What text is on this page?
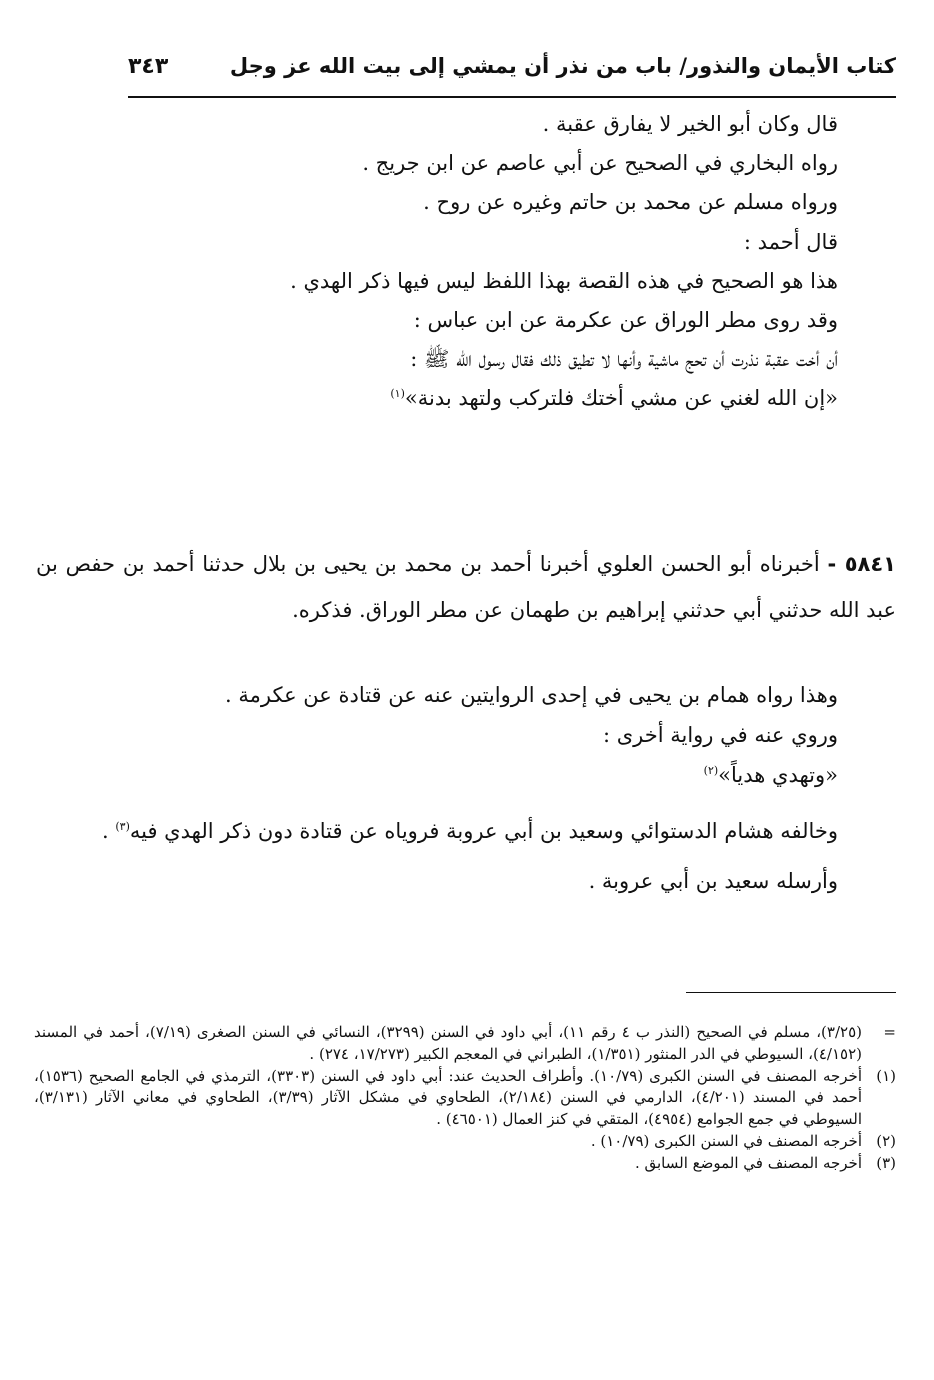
كتاب الأيمان والنذور/ باب من نذر أن يمشي إلى بيت الله عز وجل
٣٤٣

قال وكان أبو الخير لا يفارق عقبة .

رواه البخاري في الصحيح عن أبي عاصم عن ابن جريج .

ورواه مسلم عن محمد بن حاتم وغيره عن روح .

قال أحمد :

هذا هو الصحيح في هذه القصة بهذا اللفظ ليس فيها ذكر الهدي .

وقد روى مطر الوراق عن عكرمة عن ابن عباس :

أن أخت عقبة نذرت أن تحج ماشية وأنها لا تطيق ذلك فقال رسول الله ﷺ :

«إن الله لغني عن مشي أختك فلتركب ولتهد بدنة»$^{(١)}$

٥٨٤١ - أخبرناه أبو الحسن العلوي أخبرنا أحمد بن محمد بن يحيى بن بلال حدثنا أحمد بن حفص بن عبد الله حدثني أبي حدثني إبراهيم بن طهمان عن مطر الوراق. فذكره.

وهذا رواه همام بن يحيى في إحدى الروايتين عنه عن قتادة عن عكرمة .

وروي عنه في رواية أخرى :

«وتهدي هدياً»$^{(٢)}$

وخالفه هشام الدستوائي وسعيد بن أبي عروبة فروياه عن قتادة دون ذكر الهدي فيه$^{(٣)}$ .

وأرسله سعيد بن أبي عروبة .

=
(٣/٢٥)، مسلم في الصحيح (النذر ب ٤ رقم ١١)، أبي داود في السنن (٣٢٩٩)، النسائي في السنن الصغرى (٧/١٩)، أحمد في المسند (٤/١٥٢)، السيوطي في الدر المنثور (١/٣٥١)، الطبراني في المعجم الكبير (١٧/٢٧٣، ٢٧٤) .
(١)
أخرجه المصنف في السنن الكبرى (١٠/٧٩). وأطراف الحديث عند: أبي داود في السنن (٣٣٠٣)، الترمذي في الجامع الصحيح (١٥٣٦)، أحمد في المسند (٤/٢٠١)، الدارمي في السنن (٢/١٨٤)، الطحاوي في مشكل الآثار (٣/٣٩)، الطحاوي في معاني الآثار (٣/١٣١)، السيوطي في جمع الجوامع (٤٩٥٤)، المتقي في كنز العمال (٤٦٥٠١) .
(٢)
أخرجه المصنف في السنن الكبرى (١٠/٧٩) .
(٣)
أخرجه المصنف في الموضع السابق .
